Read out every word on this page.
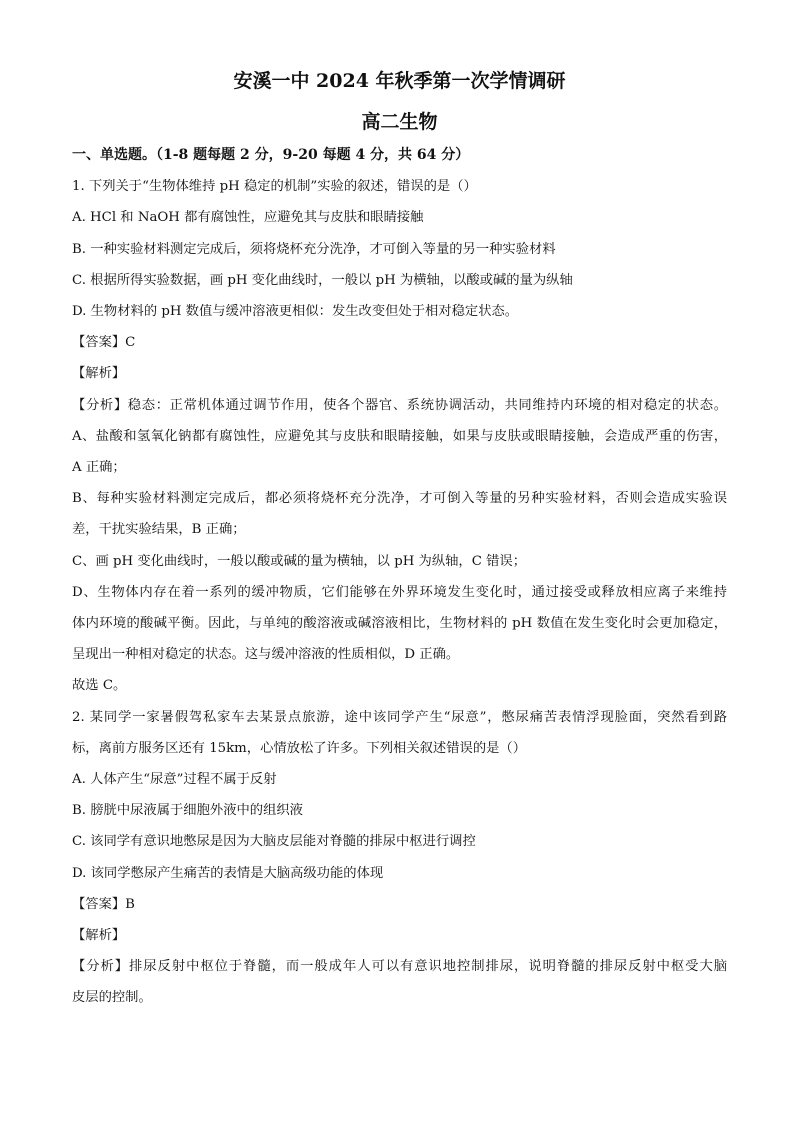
安溪一中 2024 年秋季第一次学情调研

高二生物

一、单选题。（1-8 题每题 2 分，9-20 每题 4 分，共 64 分）

1. 下列关于“生物体维持 pH 稳定的机制”实验的叙述，错误的是（）

A. HCl 和 NaOH 都有腐蚀性，应避免其与皮肤和眼睛接触

B. 一种实验材料测定完成后，须将烧杯充分洗净，才可倒入等量的另一种实验材料

C. 根据所得实验数据，画 pH 变化曲线时，一般以 pH 为横轴，以酸或碱的量为纵轴

D. 生物材料的 pH 数值与缓冲溶液更相似：发生改变但处于相对稳定状态。

【答案】C

【解析】

【分析】稳态：正常机体通过调节作用，使各个器官、系统协调活动，共同维持内环境的相对稳定的状态。

A、盐酸和氢氧化钠都有腐蚀性，应避免其与皮肤和眼睛接触，如果与皮肤或眼睛接触，会造成严重的伤害，

A 正确；

B、每种实验材料测定完成后，都必须将烧杯充分洗净，才可倒入等量的另种实验材料，否则会造成实验误

差，干扰实验结果，B 正确；

C、画 pH 变化曲线时，一般以酸或碱的量为横轴，以 pH 为纵轴，C 错误；

D、生物体内存在着一系列的缓冲物质，它们能够在外界环境发生变化时，通过接受或释放相应离子来维持

体内环境的酸碱平衡。因此，与单纯的酸溶液或碱溶液相比，生物材料的 pH 数值在发生变化时会更加稳定，

呈现出一种相对稳定的状态。这与缓冲溶液的性质相似，D 正确。

故选 C。

2. 某同学一家暑假驾私家车去某景点旅游，途中该同学产生“尿意”，憋尿痛苦表情浮现脸面，突然看到路

标，离前方服务区还有 15km，心情放松了许多。下列相关叙述错误的是（）

A. 人体产生“尿意”过程不属于反射

B. 膀胱中尿液属于细胞外液中的组织液

C. 该同学有意识地憋尿是因为大脑皮层能对脊髓的排尿中枢进行调控

D. 该同学憋尿产生痛苦的表情是大脑高级功能的体现

【答案】B

【解析】

【分析】排尿反射中枢位于脊髓，而一般成年人可以有意识地控制排尿，说明脊髓的排尿反射中枢受大脑

皮层的控制。
